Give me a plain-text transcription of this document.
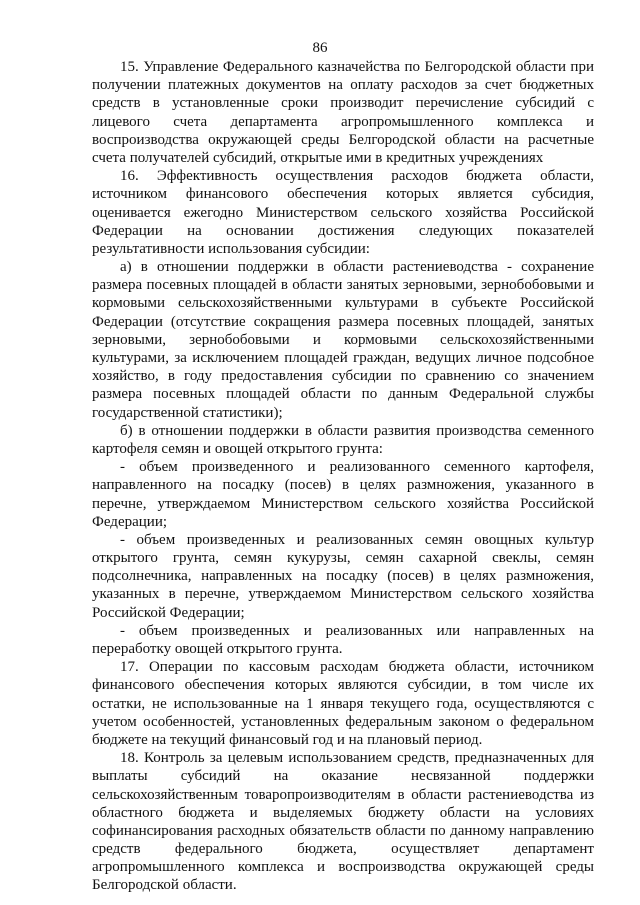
86

15. Управление Федерального казначейства по Белгородской области при получении платежных документов на оплату расходов за счет бюджетных средств в установленные сроки производит перечисление субсидий с лицевого счета департамента агропромышленного комплекса и воспроизводства окружающей среды Белгородской области на расчетные счета получателей субсидий, открытые ими в кредитных учреждениях

16. Эффективность осуществления расходов бюджета области, источником финансового обеспечения которых является субсидия, оценивается ежегодно Министерством сельского хозяйства Российской Федерации на основании достижения следующих показателей результативности использования субсидии:

а) в отношении поддержки в области растениеводства - сохранение размера посевных площадей в области занятых зерновыми, зернобобовыми и кормовыми сельскохозяйственными культурами в субъекте Российской Федерации (отсутствие сокращения размера посевных площадей, занятых зерновыми, зернобобовыми и кормовыми сельскохозяйственными культурами, за исключением площадей граждан, ведущих личное подсобное хозяйство, в году предоставления субсидии по сравнению со значением размера посевных площадей области по данным Федеральной службы государственной статистики);

б) в отношении поддержки в области развития производства семенного картофеля семян и овощей открытого грунта:

- объем произведенного и реализованного семенного картофеля, направленного на посадку (посев) в целях размножения, указанного в перечне, утверждаемом Министерством сельского хозяйства Российской Федерации;

- объем произведенных и реализованных семян овощных культур открытого грунта, семян кукурузы, семян сахарной свеклы, семян подсолнечника, направленных на посадку (посев) в целях размножения, указанных в перечне, утверждаемом Министерством сельского хозяйства Российской Федерации;

- объем произведенных и реализованных или направленных на переработку овощей открытого грунта.

17. Операции по кассовым расходам бюджета области, источником финансового обеспечения которых являются субсидии, в том числе их остатки, не использованные на 1 января текущего года, осуществляются с учетом особенностей, установленных федеральным законом о федеральном бюджете на текущий финансовый год и на плановый период.

18. Контроль за целевым использованием средств, предназначенных для выплаты субсидий на оказание несвязанной поддержки сельскохозяйственным товаропроизводителям в области растениеводства из областного бюджета и выделяемых бюджету области на условиях софинансирования расходных обязательств области по данному направлению средств федерального бюджета, осуществляет департамент агропромышленного комплекса и воспроизводства окружающей среды Белгородской области.
